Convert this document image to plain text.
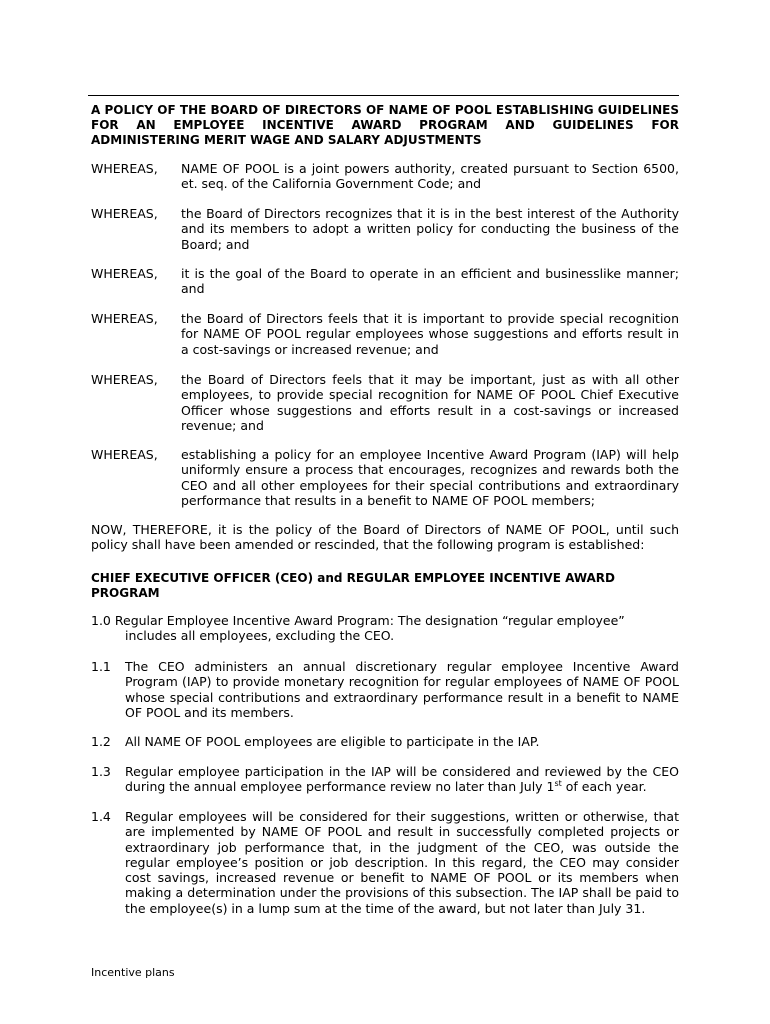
A POLICY OF THE BOARD OF DIRECTORS OF NAME OF POOL ESTABLISHING GUIDELINES FOR AN EMPLOYEE INCENTIVE AWARD PROGRAM AND GUIDELINES FOR ADMINISTERING MERIT WAGE AND SALARY ADJUSTMENTS

WHEREAS, NAME OF POOL is a joint powers authority, created pursuant to Section 6500, et. seq. of the California Government Code; and
WHEREAS, the Board of Directors recognizes that it is in the best interest of the Authority and its members to adopt a written policy for conducting the business of the Board; and
WHEREAS, it is the goal of the Board to operate in an efficient and businesslike manner; and
WHEREAS, the Board of Directors feels that it is important to provide special recognition for NAME OF POOL regular employees whose suggestions and efforts result in a cost-savings or increased revenue; and
WHEREAS, the Board of Directors feels that it may be important, just as with all other employees, to provide special recognition for NAME OF POOL Chief Executive Officer whose suggestions and efforts result in a cost-savings or increased revenue; and
WHEREAS, establishing a policy for an employee Incentive Award Program (IAP) will help uniformly ensure a process that encourages, recognizes and rewards both the CEO and all other employees for their special contributions and extraordinary performance that results in a benefit to NAME OF POOL members;

NOW, THEREFORE, it is the policy of the Board of Directors of NAME OF POOL, until such policy shall have been amended or rescinded, that the following program is established:

CHIEF EXECUTIVE OFFICER (CEO) and REGULAR EMPLOYEE INCENTIVE AWARD PROGRAM

1.0 Regular Employee Incentive Award Program: The designation “regular employee”
includes all employees, excluding the CEO.
1.1 The CEO administers an annual discretionary regular employee Incentive Award Program (IAP) to provide monetary recognition for regular employees of NAME OF POOL whose special contributions and extraordinary performance result in a benefit to NAME OF POOL and its members.
1.2 All NAME OF POOL employees are eligible to participate in the IAP.
1.3 Regular employee participation in the IAP will be considered and reviewed by the CEO during the annual employee performance review no later than July 1st of each year.
1.4 Regular employees will be considered for their suggestions, written or otherwise, that are implemented by NAME OF POOL and result in successfully completed projects or extraordinary job performance that, in the judgment of the CEO, was outside the regular employee’s position or job description. In this regard, the CEO may consider cost savings, increased revenue or benefit to NAME OF POOL or its members when making a determination under the provisions of this subsection. The IAP shall be paid to the employee(s) in a lump sum at the time of the award, but not later than July 31.
Incentive plans
